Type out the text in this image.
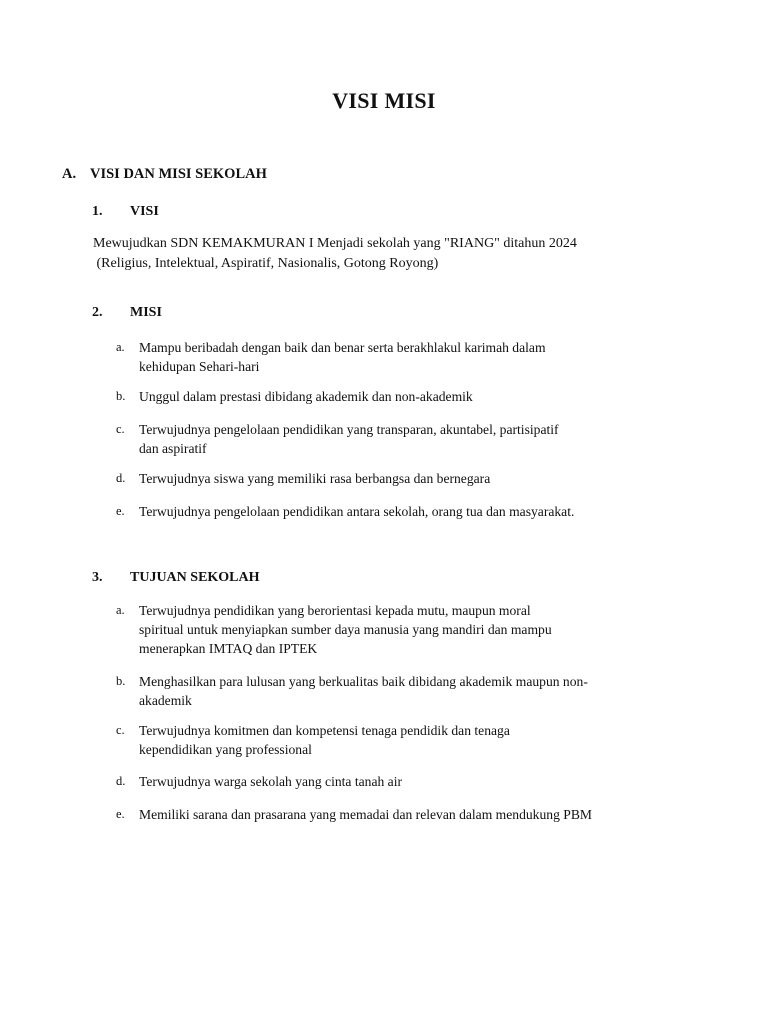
VISI MISI
A. VISI DAN MISI SEKOLAH
1. VISI
Mewujudkan SDN KEMAKMURAN I Menjadi sekolah yang "RIANG" ditahun 2024
(Religius, Intelektual, Aspiratif, Nasionalis, Gotong Royong)
2. MISI
a.	Mampu beribadah dengan baik dan benar serta berakhlakul karimah dalam
kehidupan Sehari-hari
b.	Unggul dalam prestasi dibidang akademik dan non-akademik
c.	Terwujudnya pengelolaan pendidikan yang transparan, akuntabel, partisipatif
dan aspiratif
d.	Terwujudnya siswa yang memiliki rasa berbangsa dan bernegara
e.	Terwujudnya pengelolaan pendidikan antara sekolah, orang tua dan masyarakat.
3. TUJUAN SEKOLAH
a.	Terwujudnya pendidikan yang berorientasi kepada mutu, maupun moral
spiritual untuk menyiapkan sumber daya manusia yang mandiri dan mampu
menerapkan IMTAQ dan IPTEK
b.	Menghasilkan para lulusan yang berkualitas baik dibidang akademik maupun non-
akademik
c.	Terwujudnya komitmen dan kompetensi tenaga pendidik dan tenaga
kependidikan yang professional
d.	Terwujudnya warga sekolah yang cinta tanah air
e.	Memiliki sarana dan prasarana yang memadai dan relevan dalam mendukung PBM
